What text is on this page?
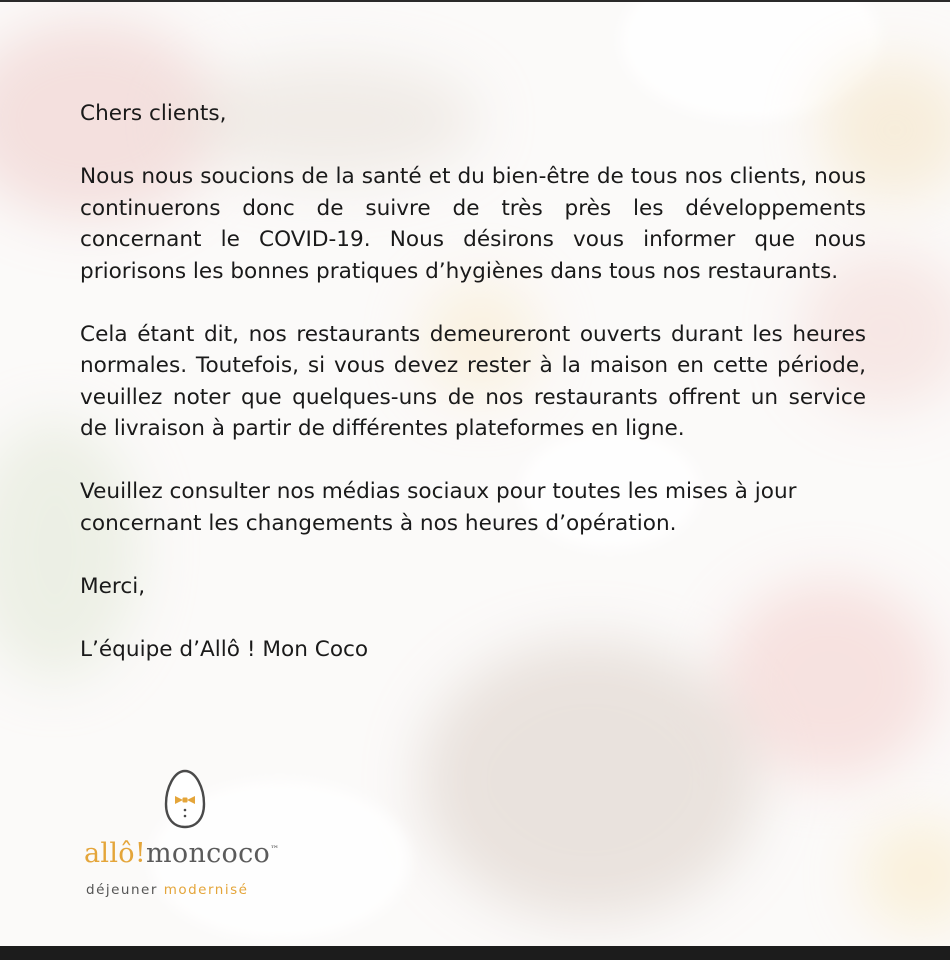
Chers clients,

Nous nous soucions de la santé et du bien-être de tous nos clients, nous continuerons donc de suivre de très près les développements concernant le COVID-19. Nous désirons vous informer que nous priorisons les bonnes pratiques d’hygiènes dans tous nos restaurants.

Cela étant dit, nos restaurants demeureront ouverts durant les heures normales. Toutefois, si vous devez rester à la maison en cette période, veuillez noter que quelques-uns de nos restaurants offrent un service de livraison à partir de différentes plateformes en ligne.

Veuillez consulter nos médias sociaux pour toutes les mises à jour concernant les changements à nos heures d’opération.

Merci,

L’équipe d’Allô ! Mon Coco

allô!moncoco™
déjeuner modernisé
